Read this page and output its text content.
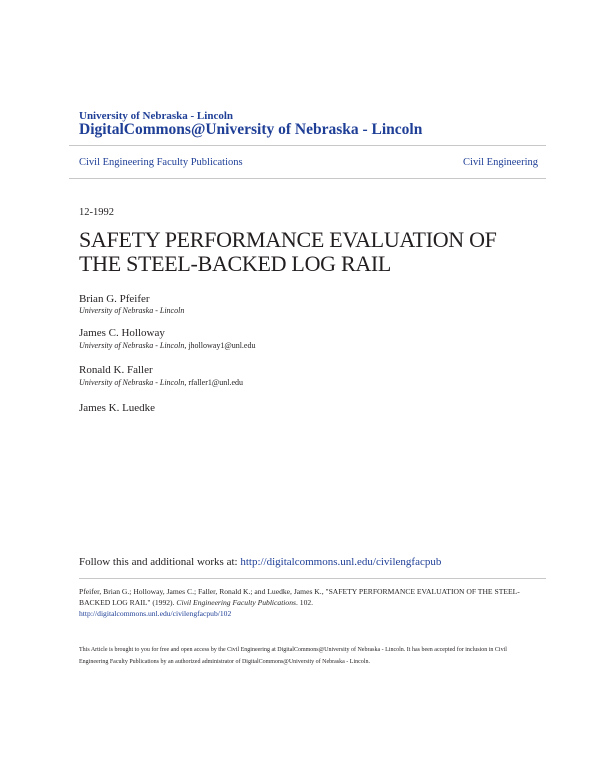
University of Nebraska - Lincoln
DigitalCommons@University of Nebraska - Lincoln
Civil Engineering Faculty Publications	Civil Engineering
12-1992
SAFETY PERFORMANCE EVALUATION OF THE STEEL-BACKED LOG RAIL
Brian G. Pfeifer
University of Nebraska - Lincoln
James C. Holloway
University of Nebraska - Lincoln, jholloway1@unl.edu
Ronald K. Faller
University of Nebraska - Lincoln, rfaller1@unl.edu
James K. Luedke
Follow this and additional works at: http://digitalcommons.unl.edu/civilengfacpub
Pfeifer, Brian G.; Holloway, James C.; Faller, Ronald K.; and Luedke, James K., "SAFETY PERFORMANCE EVALUATION OF THE STEEL-BACKED LOG RAIL" (1992). Civil Engineering Faculty Publications. 102.
http://digitalcommons.unl.edu/civilengfacpub/102
This Article is brought to you for free and open access by the Civil Engineering at DigitalCommons@University of Nebraska - Lincoln. It has been accepted for inclusion in Civil Engineering Faculty Publications by an authorized administrator of DigitalCommons@University of Nebraska - Lincoln.
